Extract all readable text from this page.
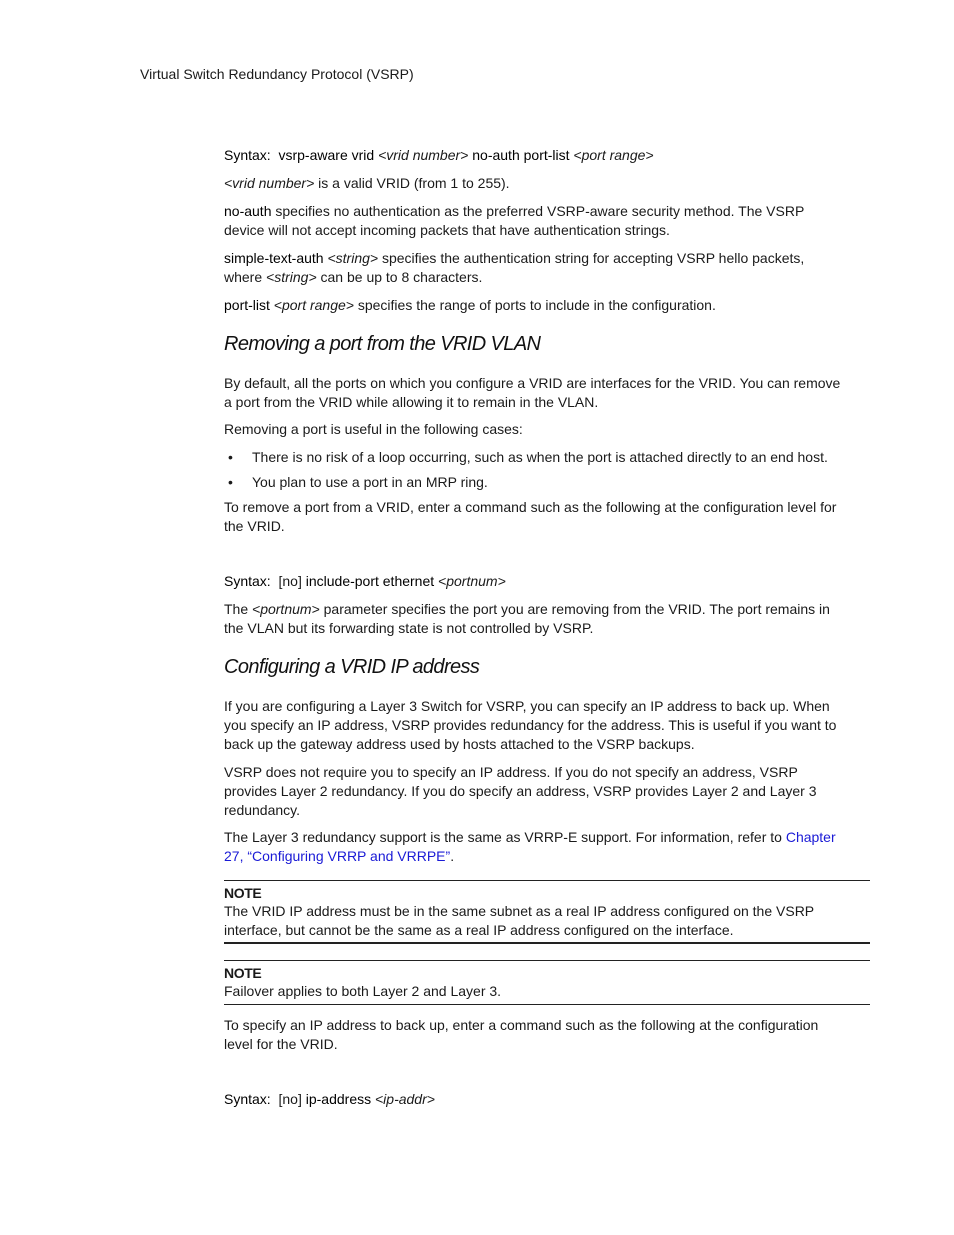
Virtual Switch Redundancy Protocol (VSRP)

Syntax: vsrp-aware vrid <vrid number> no-auth port-list <port range>

<vrid number> is a valid VRID (from 1 to 255).

no-auth specifies no authentication as the preferred VSRP-aware security method. The VSRP

device will not accept incoming packets that have authentication strings.

simple-text-auth <string> specifies the authentication string for accepting VSRP hello packets,

where <string> can be up to 8 characters.

port-list <port range> specifies the range of ports to include in the configuration.

Removing a port from the VRID VLAN

By default, all the ports on which you configure a VRID are interfaces for the VRID. You can remove

a port from the VRID while allowing it to remain in the VLAN.

Removing a port is useful in the following cases:

• There is no risk of a loop occurring, such as when the port is attached directly to an end host.
• You plan to use a port in an MRP ring.

To remove a port from a VRID, enter a command such as the following at the configuration level for

the VRID.

Syntax: [no] include-port ethernet <portnum>

The <portnum> parameter specifies the port you are removing from the VRID. The port remains in

the VLAN but its forwarding state is not controlled by VSRP.

Configuring a VRID IP address

If you are configuring a Layer 3 Switch for VSRP, you can specify an IP address to back up. When

you specify an IP address, VSRP provides redundancy for the address. This is useful if you want to

back up the gateway address used by hosts attached to the VSRP backups.

VSRP does not require you to specify an IP address. If you do not specify an address, VSRP

provides Layer 2 redundancy. If you do specify an address, VSRP provides Layer 2 and Layer 3

redundancy.

The Layer 3 redundancy support is the same as VRRP-E support. For information, refer to Chapter

27, “Configuring VRRP and VRRPE”.

NOTE

The VRID IP address must be in the same subnet as a real IP address configured on the VSRP

interface, but cannot be the same as a real IP address configured on the interface.

NOTE

Failover applies to both Layer 2 and Layer 3.

To specify an IP address to back up, enter a command such as the following at the configuration

level for the VRID.

Syntax: [no] ip-address <ip-addr>
